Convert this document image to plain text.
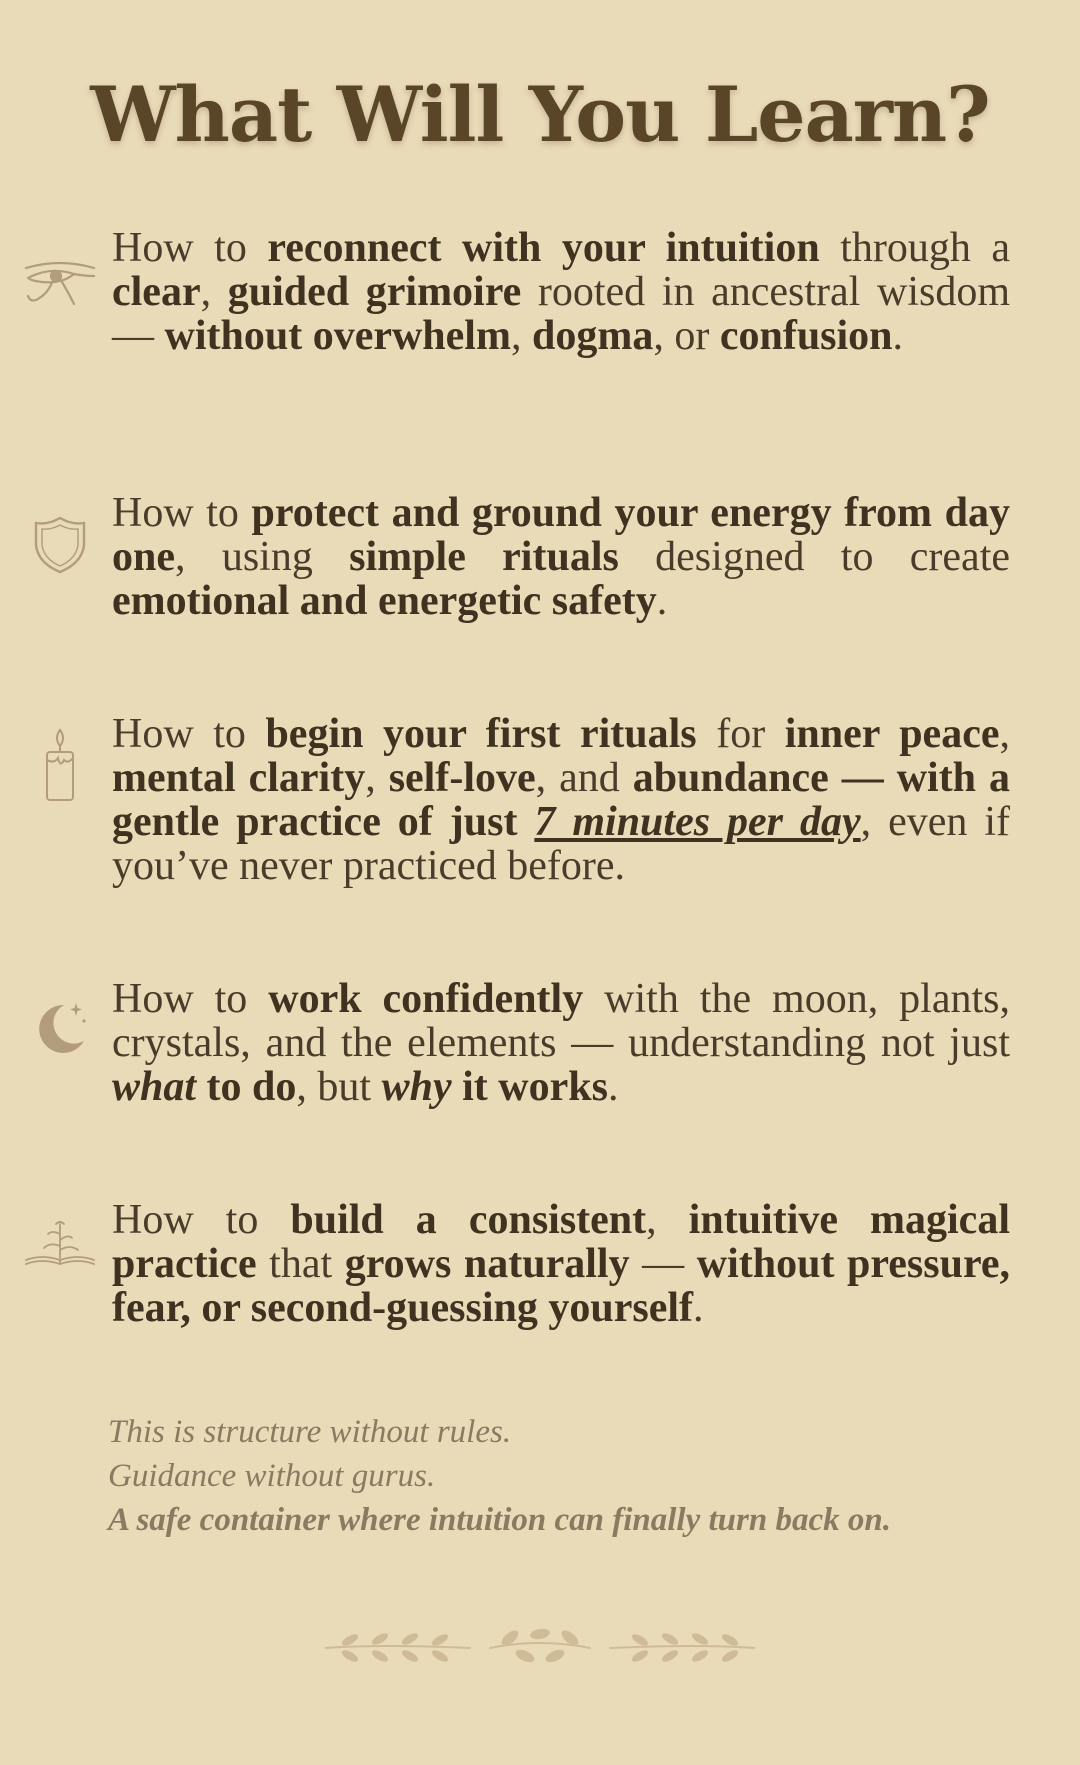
What Will You Learn?

How to reconnect with your intuition through a clear, guided grimoire rooted in ancestral wisdom — without overwhelm, dogma, or confusion.

How to protect and ground your energy from day one, using simple rituals designed to create emotional and energetic safety.

How to begin your first rituals for inner peace, mental clarity, self-love, and abundance — with a gentle practice of just 7 minutes per day, even if you’ve never practiced before.

How to work confidently with the moon, plants, crystals, and the elements — understanding not just what to do, but why it works.

How to build a consistent, intuitive magical practice that grows naturally — without pressure, fear, or second-guessing yourself.

This is structure without rules.
Guidance without gurus.
A safe container where intuition can finally turn back on.
